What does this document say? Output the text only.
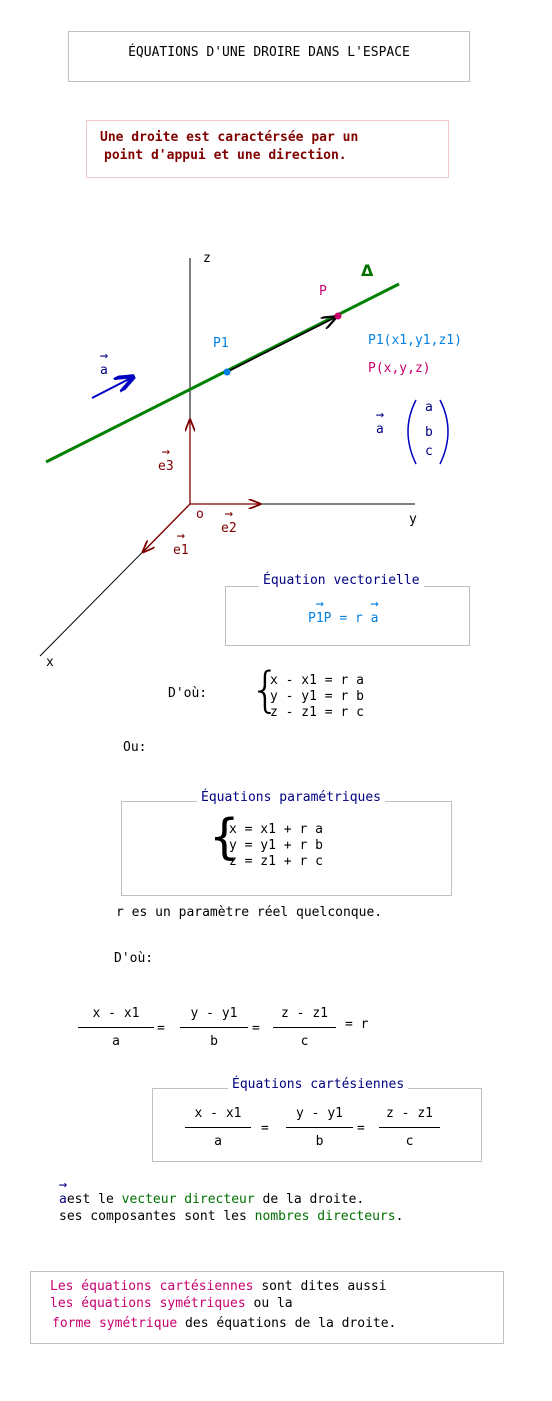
ÉQUATIONS D'UNE DROIRE DANS L'ESPACE
Une droite est caractérsée par un
point d'appui et une direction.
z
y
x
o
→
e3
→
e2
→
e1
Δ
P1
P
→
a
P1(x1,y1,z1)
P(x,y,z)
→
a
a
b
c
Équation vectorielle
→
P1P = r
→
a
D'où: {
x - x1 = r a
y - y1 = r b
z - z1 = r c
Ou:
Équations paramétriques
{
x = x1 + r a
y = y1 + r b
z = z1 + r c
r es un paramètre réel quelconque.
D'où:
x - x1
a
=
y - y1
b
=
z - z1
c
= r
Équations cartésiennes
x - x1
a
=
y - y1
b
=
z - z1
c
→
aest le vecteur directeur de la droite.
ses composantes sont les nombres directeurs.
Les équations cartésiennes sont dites aussi
les équations symétriques ou la
forme symétrique des équations de la droite.
